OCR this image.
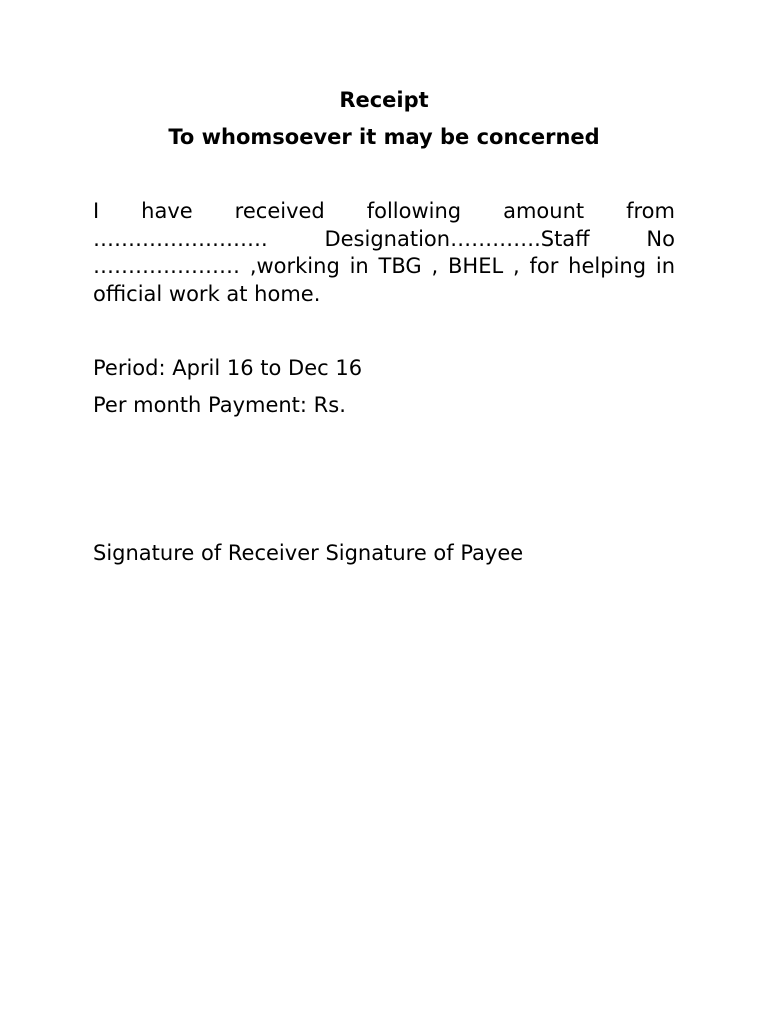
Receipt

To whomsoever it may be concerned

I have received following amount from ……………………. Designation………….Staff No ………………… ,working in TBG , BHEL , for helping in official work at home.

Period: April 16 to Dec 16

Per month Payment: Rs.

Signature of Receiver Signature of Payee
